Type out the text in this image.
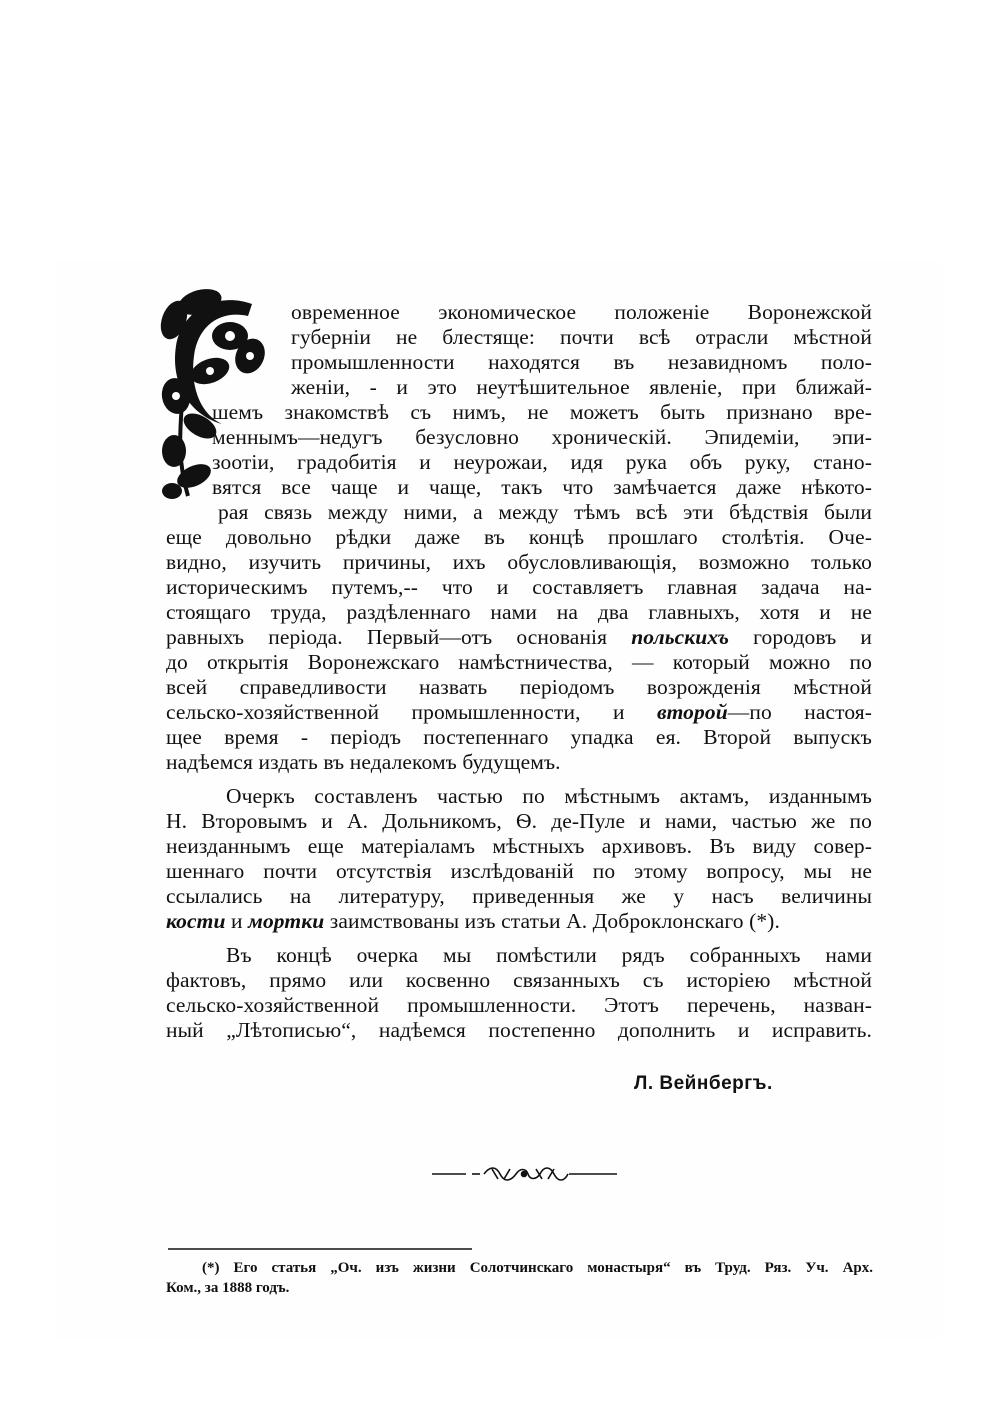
овременное экономическое положеніе Воронежской
губерніи не блестяще: почти всѣ отрасли мѣстной
промышленности находятся въ незавидномъ поло-
женіи, - и это неутѣшительное явленіе, при ближай-
шемъ знакомствѣ съ нимъ, не можетъ быть признано вре-
меннымъ—недугъ безусловно хроническій. Эпидеміи, эпи-
зоотіи, градобитія и неурожаи, идя рука объ руку, стано-
вятся все чаще и чаще, такъ что замѣчается даже нѣкото-
рая связь между ними, а между тѣмъ всѣ эти бѣдствія были
еще довольно рѣдки даже въ концѣ прошлаго столѣтія. Оче-
видно, изучить причины, ихъ обусловливающія, возможно только
историческимъ путемъ,-- что и составляетъ главная задача на-
стоящаго труда, раздѣленнаго нами на два главныхъ, хотя и не
равныхъ періода. Первый—отъ основанія польскихъ городовъ и
до открытія Воронежскаго намѣстничества, — который можно по
всей справедливости назвать періодомъ возрожденія мѣстной
сельско-хозяйственной промышленности, и второй—по настоя-
щее время - періодъ постепеннаго упадка ея. Второй выпускъ
надѣемся издать въ недалекомъ будущемъ.
Очеркъ составленъ частью по мѣстнымъ актамъ, изданнымъ
Н. Второвымъ и А. Дольникомъ, Ѳ. де-Пуле и нами, частью же по
неизданнымъ еще матеріаламъ мѣстныхъ архивовъ. Въ виду совер-
шеннаго почти отсутствія изслѣдованій по этому вопросу, мы не
ссылались на литературу, приведенныя же у насъ величины
кости и мортки заимствованы изъ статьи А. Доброклонскаго (*).
Въ концѣ очерка мы помѣстили рядъ собранныхъ нами
фактовъ, прямо или косвенно связанныхъ съ исторіею мѣстной
сельско-хозяйственной промышленности. Этотъ перечень, назван-
ный „Лѣтописью“, надѣемся постепенно дополнить и исправить.
Л. Вейнбергъ.
(*) Его статья „Оч. изъ жизни Солотчинскаго монастыря“ въ Труд. Ряз. Уч. Арх.
Ком., за 1888 годъ.
